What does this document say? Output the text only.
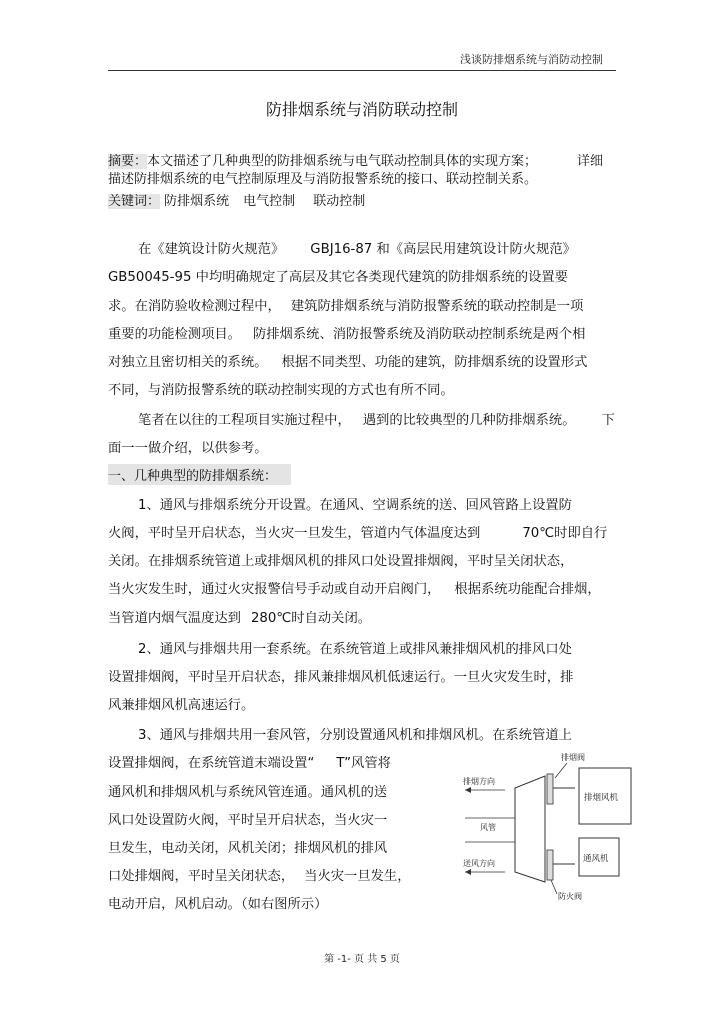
浅谈防排烟系统与消防动控制
防排烟系统与消防联动控制
摘要：本文描述了几种典型的防排烟系统与电气联动控制具体的实现方案；	详细
描述防排烟系统的电气控制原理及与消防报警系统的接口、联动控制关系。
关键词： 防排烟系统 电气控制 联动控制
在《建筑设计防火规范》 GBJ16-87 和《高层民用建筑设计防火规范》
GB50045-95 中均明确规定了高层及其它各类现代建筑的防排烟系统的设置要
求。在消防验收检测过程中， 建筑防排烟系统与消防报警系统的联动控制是一项
重要的功能检测项目。 防排烟系统、消防报警系统及消防联动控制系统是两个相
对独立且密切相关的系统。 根据不同类型、功能的建筑，防排烟系统的设置形式
不同，与消防报警系统的联动控制实现的方式也有所不同。
笔者在以往的工程项目实施过程中， 遇到的比较典型的几种防排烟系统。 下
面一一做介绍，以供参考。
一、几种典型的防排烟系统：
1、通风与排烟系统分开设置。在通风、空调系统的送、回风管路上设置防
火阀，平时呈开启状态，当火灾一旦发生，管道内气体温度达到	70℃时即自行
关闭。在排烟系统管道上或排烟风机的排风口处设置排烟阀，平时呈关闭状态，
当火灾发生时，通过火灾报警信号手动或自动开启阀门， 根据系统功能配合排烟，
当管道内烟气温度达到 280℃时自动关闭。
2、通风与排烟共用一套系统。在系统管道上或排风兼排烟风机的排风口处
设置排烟阀，平时呈开启状态，排风兼排烟风机低速运行。一旦火灾发生时，排
风兼排烟风机高速运行。
3、通风与排烟共用一套风管，分别设置通风机和排烟风机。在系统管道上
设置排烟阀，在系统管道末端设置“ T”风管将
通风机和排烟风机与系统风管连通。通风机的送
风口处设置防火阀，平时呈开启状态，当火灾一
旦发生，电动关闭，风机关闭；排烟风机的排风
口处排烟阀，平时呈关闭状态， 当火灾一旦发生，
电动开启，风机启动。（如右图所示）
排烟阀
排烟方向
风管
送风方向
排烟风机
通风机
防火阀
第 -1- 页 共 5 页
